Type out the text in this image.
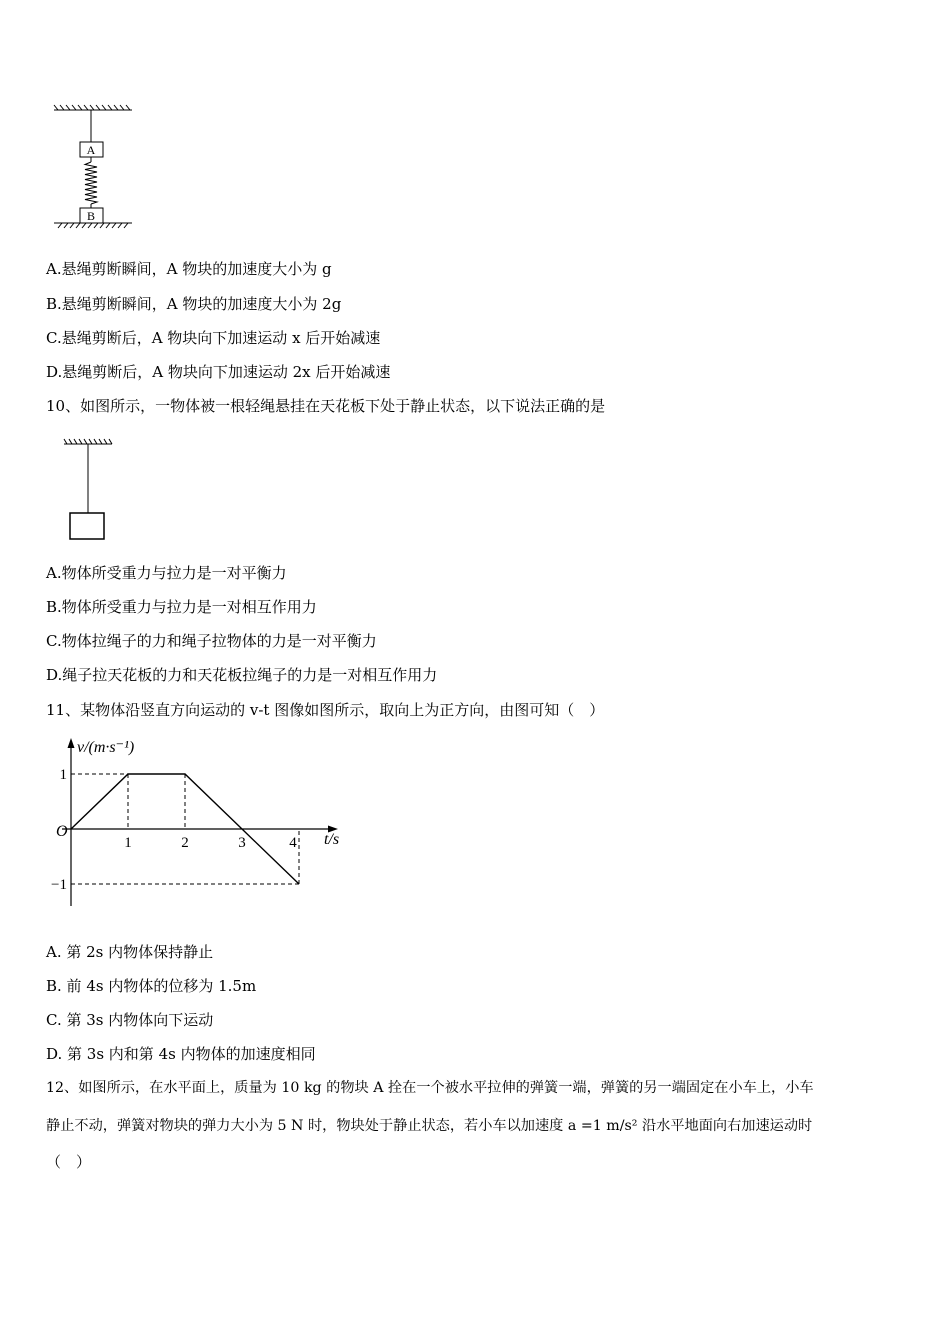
A
B
A.悬绳剪断瞬间，A 物块的加速度大小为 g
B.悬绳剪断瞬间，A 物块的加速度大小为 2g
C.悬绳剪断后，A 物块向下加速运动 x 后开始减速
D.悬绳剪断后，A 物块向下加速运动 2x 后开始减速
10、如图所示，一物体被一根轻绳悬挂在天花板下处于静止状态，以下说法正确的是
A.物体所受重力与拉力是一对平衡力
B.物体所受重力与拉力是一对相互作用力
C.物体拉绳子的力和绳子拉物体的力是一对平衡力
D.绳子拉天花板的力和天花板拉绳子的力是一对相互作用力
11、某物体沿竖直方向运动的 v-t 图像如图所示，取向上为正方向，由图可知（　）
1	2	3	4
1
−1
v/(m·s⁻¹)
t/s
O
A. 第 2s 内物体保持静止
B. 前 4s 内物体的位移为 1.5m
C. 第 3s 内物体向下运动
D. 第 3s 内和第 4s 内物体的加速度相同
12、如图所示，在水平面上，质量为 10 kg 的物块 A 拴在一个被水平拉伸的弹簧一端，弹簧的另一端固定在小车上，小车
静止不动，弹簧对物块的弹力大小为 5 N 时，物块处于静止状态，若小车以加速度 a =1 m/s² 沿水平地面向右加速运动时
（　）
